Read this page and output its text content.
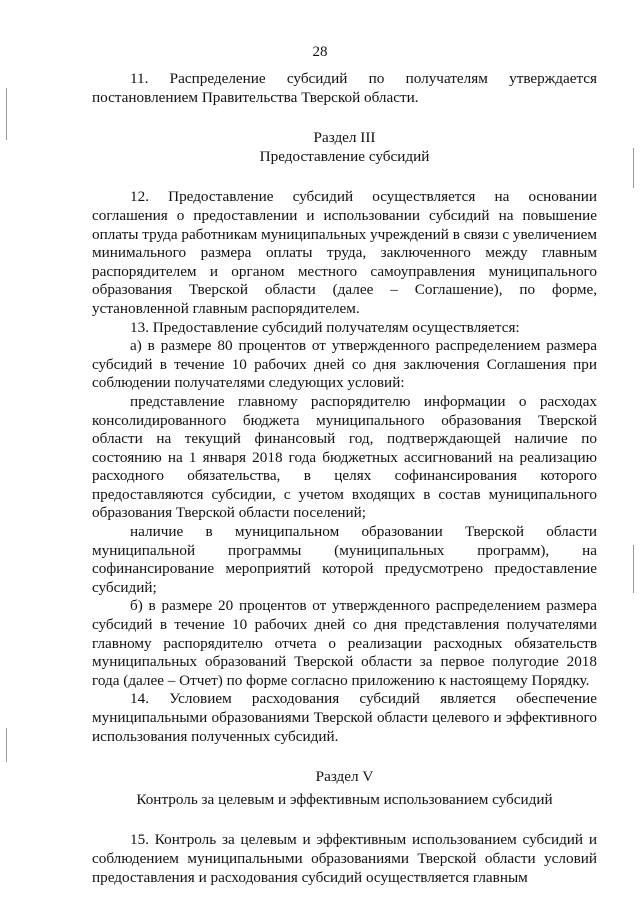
28

11. Распределение субсидий по получателям утверждается постановлением Правительства Тверской области.

Раздел III

Предоставление субсидий

12. Предоставление субсидий осуществляется на основании соглашения о предоставлении и использовании субсидий на повышение оплаты труда работникам муниципальных учреждений в связи с увеличением минимального размера оплаты труда, заключенного между главным распорядителем и органом местного самоуправления муниципального образования Тверской области (далее – Соглашение), по форме, установленной главным распорядителем.

13. Предоставление субсидий получателям осуществляется:

а) в размере 80 процентов от утвержденного распределением размера субсидий в течение 10 рабочих дней со дня заключения Соглашения при соблюдении получателями следующих условий:

представление главному распорядителю информации о расходах консолидированного бюджета муниципального образования Тверской области на текущий финансовый год, подтверждающей наличие по состоянию на 1 января 2018 года бюджетных ассигнований на реализацию расходного обязательства, в целях софинансирования которого предоставляются субсидии, с учетом входящих в состав муниципального образования Тверской области поселений;

наличие в муниципальном образовании Тверской области муниципальной программы (муниципальных программ), на софинансирование мероприятий которой предусмотрено предоставление субсидий;

б) в размере 20 процентов от утвержденного распределением размера субсидий в течение 10 рабочих дней со дня представления получателями главному распорядителю отчета о реализации расходных обязательств муниципальных образований Тверской области за первое полугодие 2018 года (далее – Отчет) по форме согласно приложению к настоящему Порядку.

14. Условием расходования субсидий является обеспечение муниципальными образованиями Тверской области целевого и эффективного использования полученных субсидий.

Раздел V

Контроль за целевым и эффективным использованием субсидий

15. Контроль за целевым и эффективным использованием субсидий и соблюдением муниципальными образованиями Тверской области условий предоставления и расходования субсидий осуществляется главным
